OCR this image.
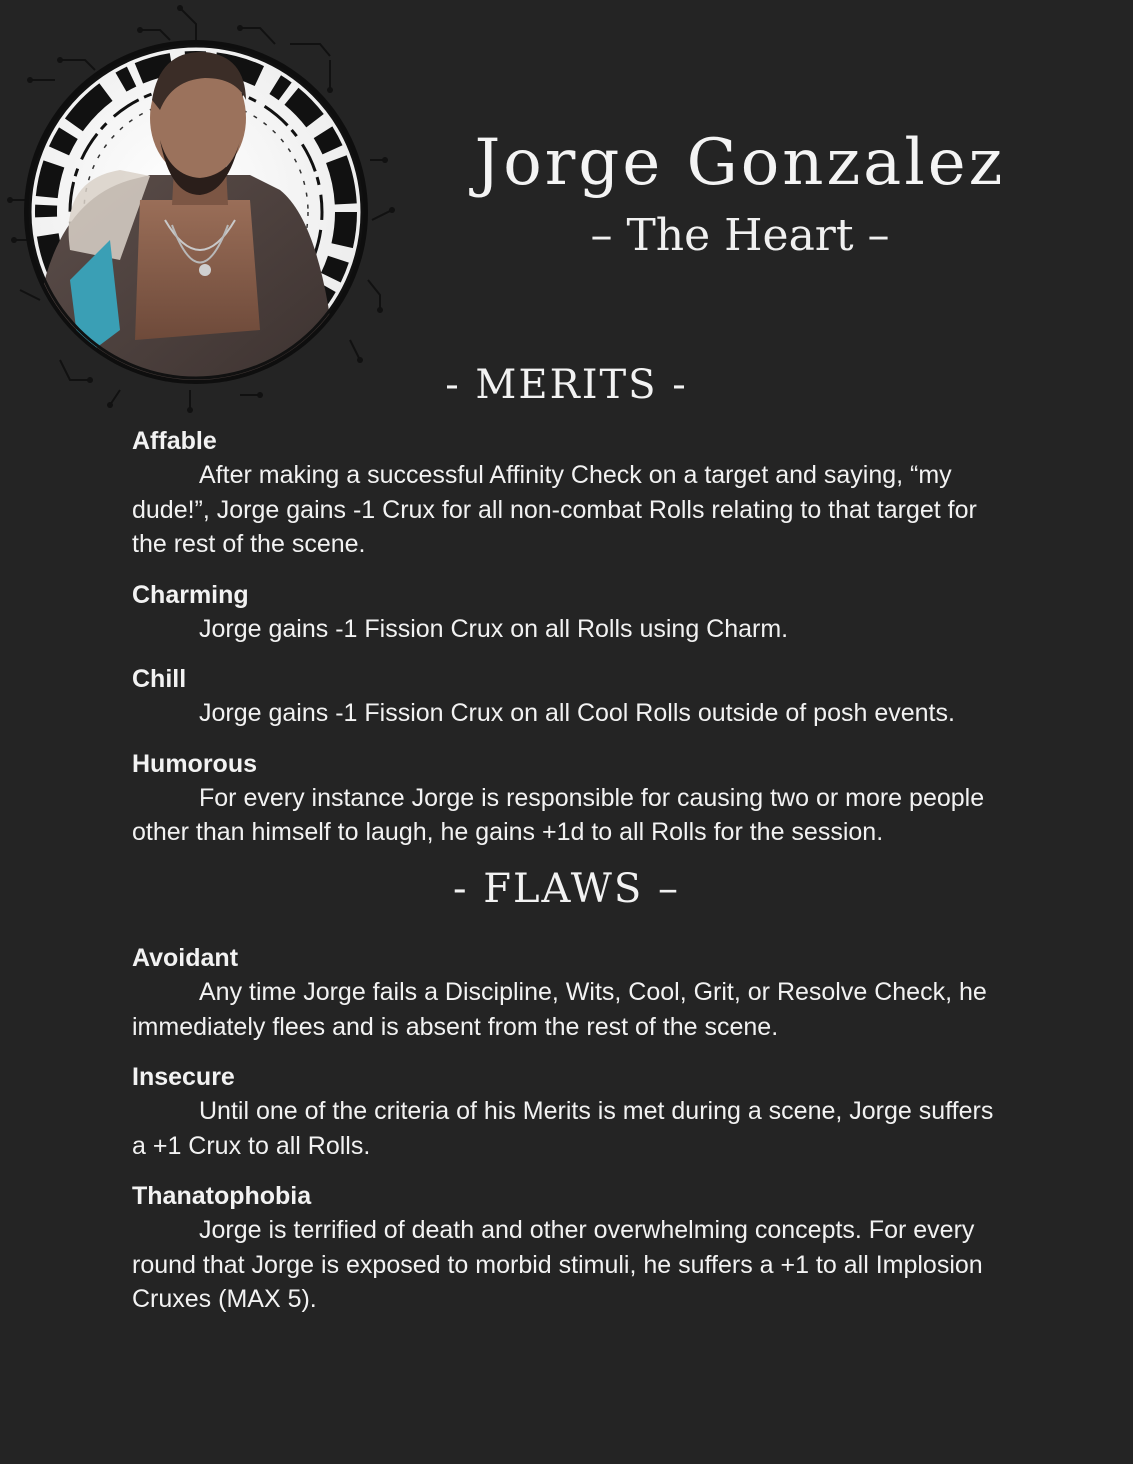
Jorge Gonzalez
– The Heart –
- MERITS -

Affable

After making a successful Affinity Check on a target and saying, “my dude!”, Jorge gains -1 Crux for all non-combat Rolls relating to that target for the rest of the scene.

Charming

Jorge gains -1 Fission Crux on all Rolls using Charm.

Chill

Jorge gains -1 Fission Crux on all Cool Rolls outside of posh events.

Humorous

For every instance Jorge is responsible for causing two or more people other than himself to laugh, he gains +1d to all Rolls for the session.

- FLAWS –

Avoidant

Any time Jorge fails a Discipline, Wits, Cool, Grit, or Resolve Check, he immediately flees and is absent from the rest of the scene.

Insecure

Until one of the criteria of his Merits is met during a scene, Jorge suffers a +1 Crux to all Rolls.

Thanatophobia

Jorge is terrified of death and other overwhelming concepts. For every round that Jorge is exposed to morbid stimuli, he suffers a +1 to all Implosion Cruxes (MAX 5).
